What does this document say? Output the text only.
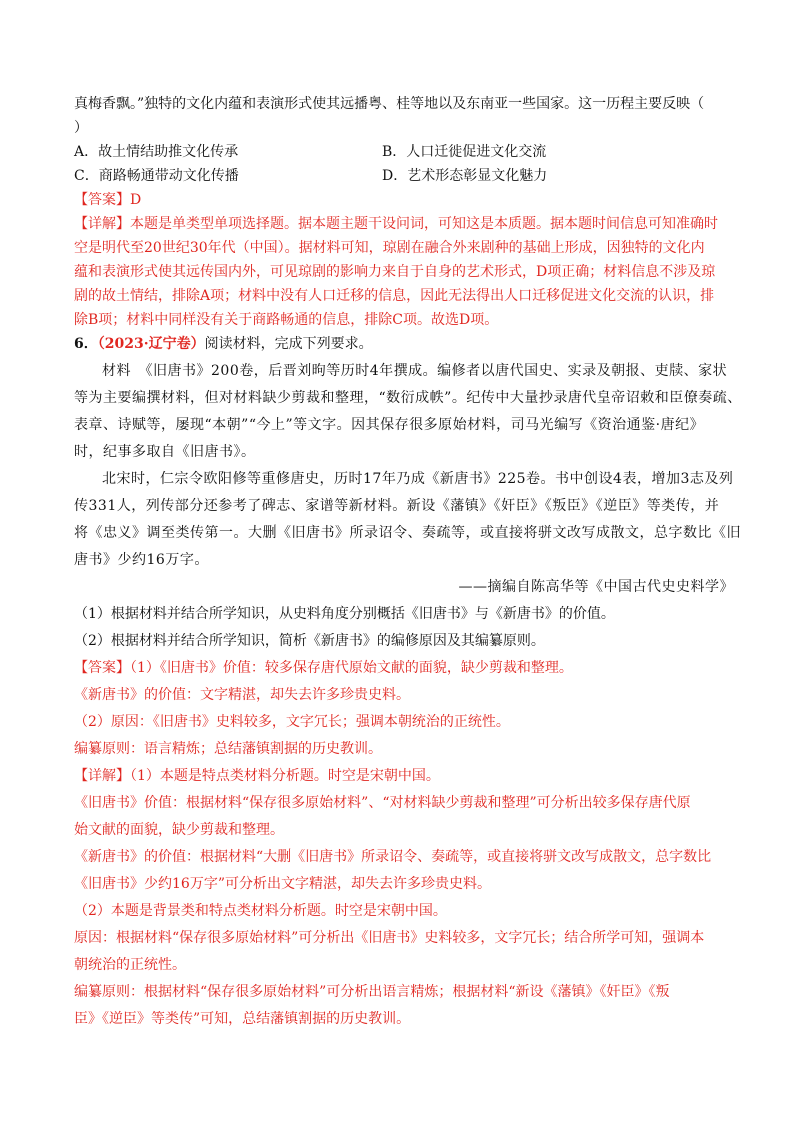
真梅香飘。”独特的文化内蕴和表演形式使其远播粤、桂等地以及东南亚一些国家。这一历程主要反映（
）
A．故土情结助推文化传承	B．人口迁徙促进文化交流
C．商路畅通带动文化传播	D．艺术形态彰显文化魅力
【答案】D
【详解】本题是单类型单项选择题。据本题主题干设问词，可知这是本质题。据本题时间信息可知准确时
空是明代至20世纪30年代（中国）。据材料可知，琼剧在融合外来剧种的基础上形成，因独特的文化内
蕴和表演形式使其远传国内外，可见琼剧的影响力来自于自身的艺术形式，D项正确；材料信息不涉及琼
剧的故土情结，排除A项；材料中没有人口迁移的信息，因此无法得出人口迁移促进文化交流的认识，排
除B项；材料中同样没有关于商路畅通的信息，排除C项。故选D项。
6．（2023·辽宁卷）阅读材料，完成下列要求。
材料　《旧唐书》200卷，后晋刘昫等历时4年撰成。编修者以唐代国史、实录及朝报、吏牍、家状
等为主要编撰材料，但对材料缺少剪裁和整理，“数衍成帙”。纪传中大量抄录唐代皇帝诏敕和臣僚奏疏、
表章、诗赋等，屡现“本朝”“今上”等文字。因其保存很多原始材料，司马光编写《资治通鉴·唐纪》
时，纪事多取自《旧唐书》。
北宋时，仁宗令欧阳修等重修唐史，历时17年乃成《新唐书》225卷。书中创设4表，增加3志及列
传331人，列传部分还参考了碑志、家谱等新材料。新设《藩镇》《奸臣》《叛臣》《逆臣》等类传，并
将《忠义》调至类传第一。大删《旧唐书》所录诏令、奏疏等，或直接将骈文改写成散文，总字数比《旧
唐书》少约16万字。
——摘编自陈高华等《中国古代史史料学》
（1）根据材料并结合所学知识，从史料角度分别概括《旧唐书》与《新唐书》的价值。
（2）根据材料并结合所学知识，简析《新唐书》的编修原因及其编纂原则。
【答案】（1）《旧唐书》价值：较多保存唐代原始文献的面貌，缺少剪裁和整理。
《新唐书》的价值：文字精湛，却失去许多珍贵史料。
（2）原因：《旧唐书》史料较多，文字冗长；强调本朝统治的正统性。
编纂原则：语言精炼；总结藩镇割据的历史教训。
【详解】（1）本题是特点类材料分析题。时空是宋朝中国。
《旧唐书》价值：根据材料“保存很多原始材料”、“对材料缺少剪裁和整理”可分析出较多保存唐代原
始文献的面貌，缺少剪裁和整理。
《新唐书》的价值：根据材料“大删《旧唐书》所录诏令、奏疏等，或直接将骈文改写成散文，总字数比
《旧唐书》少约16万字”可分析出文字精湛，却失去许多珍贵史料。
（2）本题是背景类和特点类材料分析题。时空是宋朝中国。
原因：根据材料“保存很多原始材料”可分析出《旧唐书》史料较多，文字冗长；结合所学可知，强调本
朝统治的正统性。
编纂原则：根据材料“保存很多原始材料”可分析出语言精炼；根据材料“新设《藩镇》《奸臣》《叛
臣》《逆臣》等类传”可知，总结藩镇割据的历史教训。
